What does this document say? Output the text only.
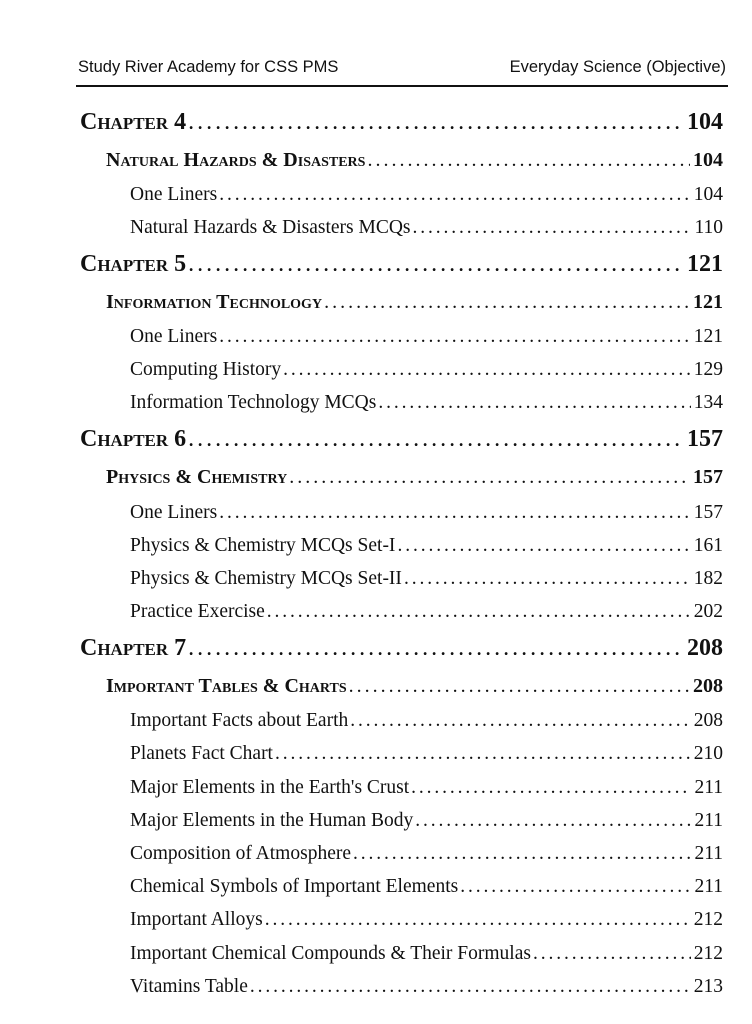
Study River Academy for CSS PMS	Everyday Science (Objective)
Chapter 4 . . .	104
Natural Hazards & Disasters . . .	104
One Liners . . .	104
Natural Hazards & Disasters MCQs . . .	110
Chapter 5 . . .	121
Information Technology . . .	121
One Liners . . .	121
Computing History . . .	129
Information Technology MCQs . . .	134
Chapter 6 . . .	157
Physics & Chemistry . . .	157
One Liners . . .	157
Physics & Chemistry MCQs Set-I . . .	161
Physics & Chemistry MCQs Set-II . . .	182
Practice Exercise . . .	202
Chapter 7 . . .	208
Important Tables & Charts . . .	208
Important Facts about Earth . . .	208
Planets Fact Chart . . .	210
Major Elements in the Earth's Crust . . .	211
Major Elements in the Human Body . . .	211
Composition of Atmosphere . . .	211
Chemical Symbols of Important Elements . . .	211
Important Alloys . . .	212
Important Chemical Compounds & Their Formulas . . .	212
Vitamins Table . . .	213
